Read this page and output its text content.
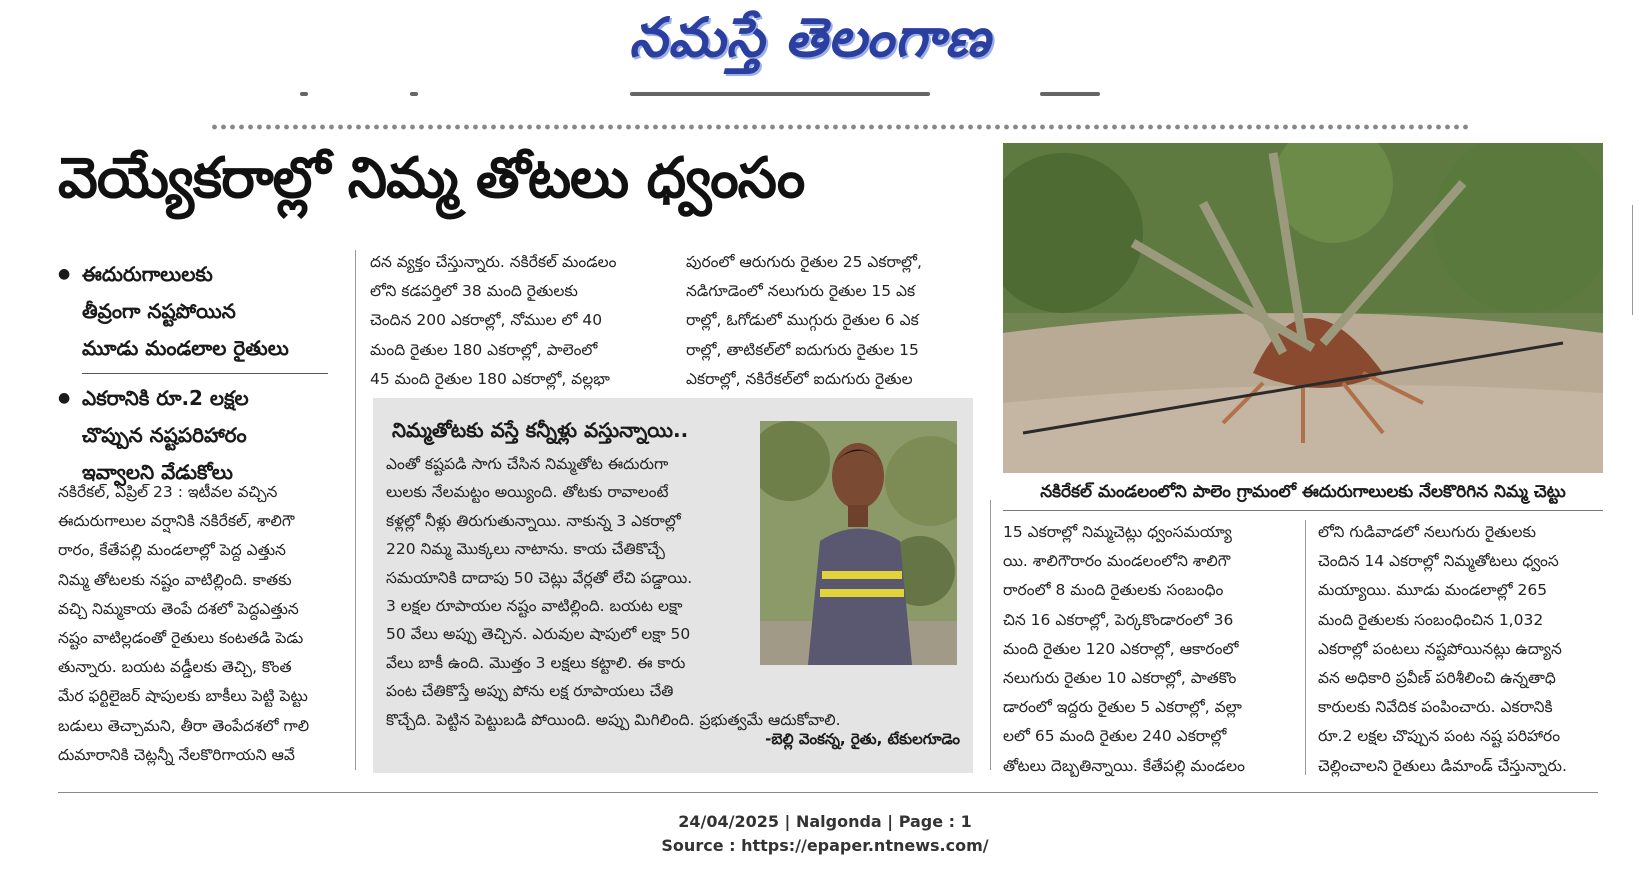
నమస్తే తెలంగాణ
వెయ్యేకరాల్లో నిమ్మ తోటలు ధ్వంసం
● ఈదురుగాలులకు
తీవ్రంగా నష్టపోయిన
మూడు మండలాల రైతులు
● ఎకరానికి రూ.2 లక్షల
చొప్పున నష్టపరిహారం
ఇవ్వాలని వేడుకోలు
నకిరేకల్, ఏప్రిల్ 23 : ఇటీవల వచ్చిన
ఈదురుగాలుల వర్షానికి నకిరేకల్, శాలిగౌ
రారం, కేతేపల్లి మండలాల్లో పెద్ద ఎత్తున
నిమ్మ తోటలకు నష్టం వాటిల్లింది. కాతకు
వచ్చి నిమ్మకాయ తెంపే దశలో పెద్దఎత్తున
నష్టం వాటిల్లడంతో రైతులు కంటతడి పెడు
తున్నారు. బయట వడ్డీలకు తెచ్చి, కొంత
మేర ఫర్టిలైజర్ షాపులకు బాకీలు పెట్టి పెట్టు
బడులు తెచ్చామని, తీరా తెంపేదశలో గాలి
దుమారానికి చెట్లన్నీ నేలకొరిగాయని ఆవే
దన వ్యక్తం చేస్తున్నారు. నకిరేకల్ మండలం
లోని కడపర్తిలో 38 మంది రైతులకు
చెందిన 200 ఎకరాల్లో, నోముల లో 40
మంది రైతుల 180 ఎకరాల్లో, పాలెంలో
45 మంది రైతుల 180 ఎకరాల్లో, వల్లభా
పురంలో ఆరుగురు రైతుల 25 ఎకరాల్లో,
నడిగూడెంలో నలుగురు రైతుల 15 ఎక
రాల్లో, ఓగోడులో ముగ్గురు రైతుల 6 ఎక
రాల్లో, తాటికల్‌లో ఐదుగురు రైతుల 15
ఎకరాల్లో, నకిరేకల్‌లో ఐదుగురు రైతుల
నిమ్మతోటకు వస్తే కన్నీళ్లు వస్తున్నాయి..
ఎంతో కష్టపడి సాగు చేసిన నిమ్మతోట ఈదురుగా
లులకు నేలమట్టం అయ్యింది. తోటకు రావాలంటే
కళ్లల్లో నీళ్లు తిరుగుతున్నాయి. నాకున్న 3 ఎకరాల్లో
220 నిమ్మ మొక్కలు నాటాను. కాయ చేతికొచ్చే
సమయానికి దాదాపు 50 చెట్లు వేర్లతో లేచి పడ్డాయి.
3 లక్షల రూపాయల నష్టం వాటిల్లింది. బయట లక్షా
50 వేలు అప్పు తెచ్చిన. ఎరువుల షాపులో లక్షా 50
వేలు బాకీ ఉంది. మొత్తం 3 లక్షలు కట్టాలి. ఈ కారు
పంట చేతికొస్తే అప్పు పోను లక్ష రూపాయలు చేతి
కొచ్చేది. పెట్టిన పెట్టుబడి పోయింది. అప్పు మిగిలింది. ప్రభుత్వమే ఆదుకోవాలి.
-బెల్లి వెంకన్న, రైతు, టేకులగూడెం
నకిరేకల్ మండలంలోని పాలెం గ్రామంలో ఈదురుగాలులకు నేలకొరిగిన నిమ్మ చెట్టు
15 ఎకరాల్లో నిమ్మచెట్లు ధ్వంసమయ్యా
యి. శాలిగౌరారం మండలంలోని శాలిగౌ
రారంలో 8 మంది రైతులకు సంబంధిం
చిన 16 ఎకరాల్లో, పెర్కకొండారంలో 36
మంది రైతుల 120 ఎకరాల్లో, ఆకారంలో
నలుగురు రైతుల 10 ఎకరాల్లో, పాతకొం
డారంలో ఇద్దరు రైతుల 5 ఎకరాల్లో, వల్లా
లలో 65 మంది రైతుల 240 ఎకరాల్లో
తోటలు దెబ్బతిన్నాయి. కేతేపల్లి మండలం
లోని గుడివాడలో నలుగురు రైతులకు
చెందిన 14 ఎకరాల్లో నిమ్మతోటలు ధ్వంస
మయ్యాయి. మూడు మండలాల్లో 265
మంది రైతులకు సంబంధించిన 1,032
ఎకరాల్లో పంటలు నష్టపోయినట్లు ఉద్యాన
వన అధికారి ప్రవీణ్ పరిశీలించి ఉన్నతాధి
కారులకు నివేదిక పంపించారు. ఎకరానికి
రూ.2 లక్షల చొప్పున పంట నష్ట పరిహారం
చెల్లించాలని రైతులు డిమాండ్ చేస్తున్నారు.
24/04/2025 | Nalgonda | Page : 1
Source : https://epaper.ntnews.com/
